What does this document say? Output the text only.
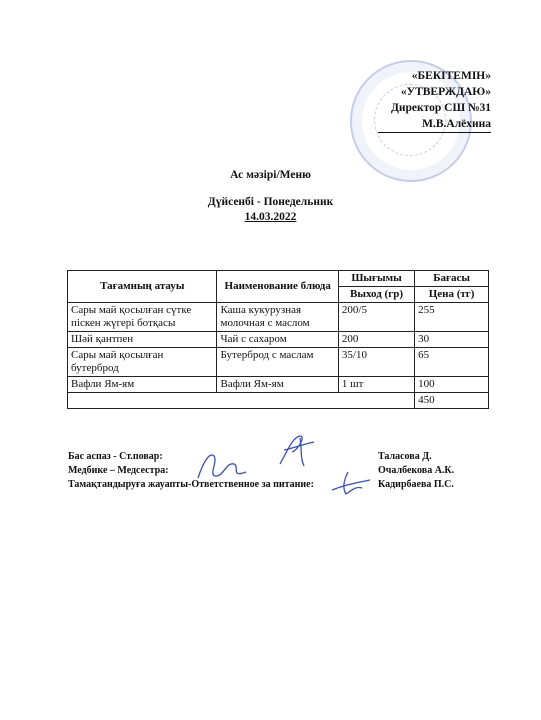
«БЕКІТЕМІН»
«УТВЕРЖДАЮ»
Директор СШ №31
М.В.Алёхина
Ас мәзірі/Меню
Дүйсенбі - Понедельник
14.03.2022
Тағамның атауы	Наименование блюда	Шығымы	Бағасы
		Выход (гр)	Цена (тг)
Сары май қосылған сүтке піскен жүгері ботқасы	Каша кукурузная молочная с маслом	200/5	255
Шәй қантпен	Чай с сахаром	200	30
Сары май қосылған бутерброд	Бутерброд с маслам	35/10	65
Вафли Ям-ям	Вафли Ям-ям	1 шт	100
			450
Бас аспаз - Ст.повар:	Таласова Д.
Медбике – Медсестра:	Очалбекова А.К.
Тамақтандыруға жауапты-Ответственное за питание:	Кадирбаева П.С.
